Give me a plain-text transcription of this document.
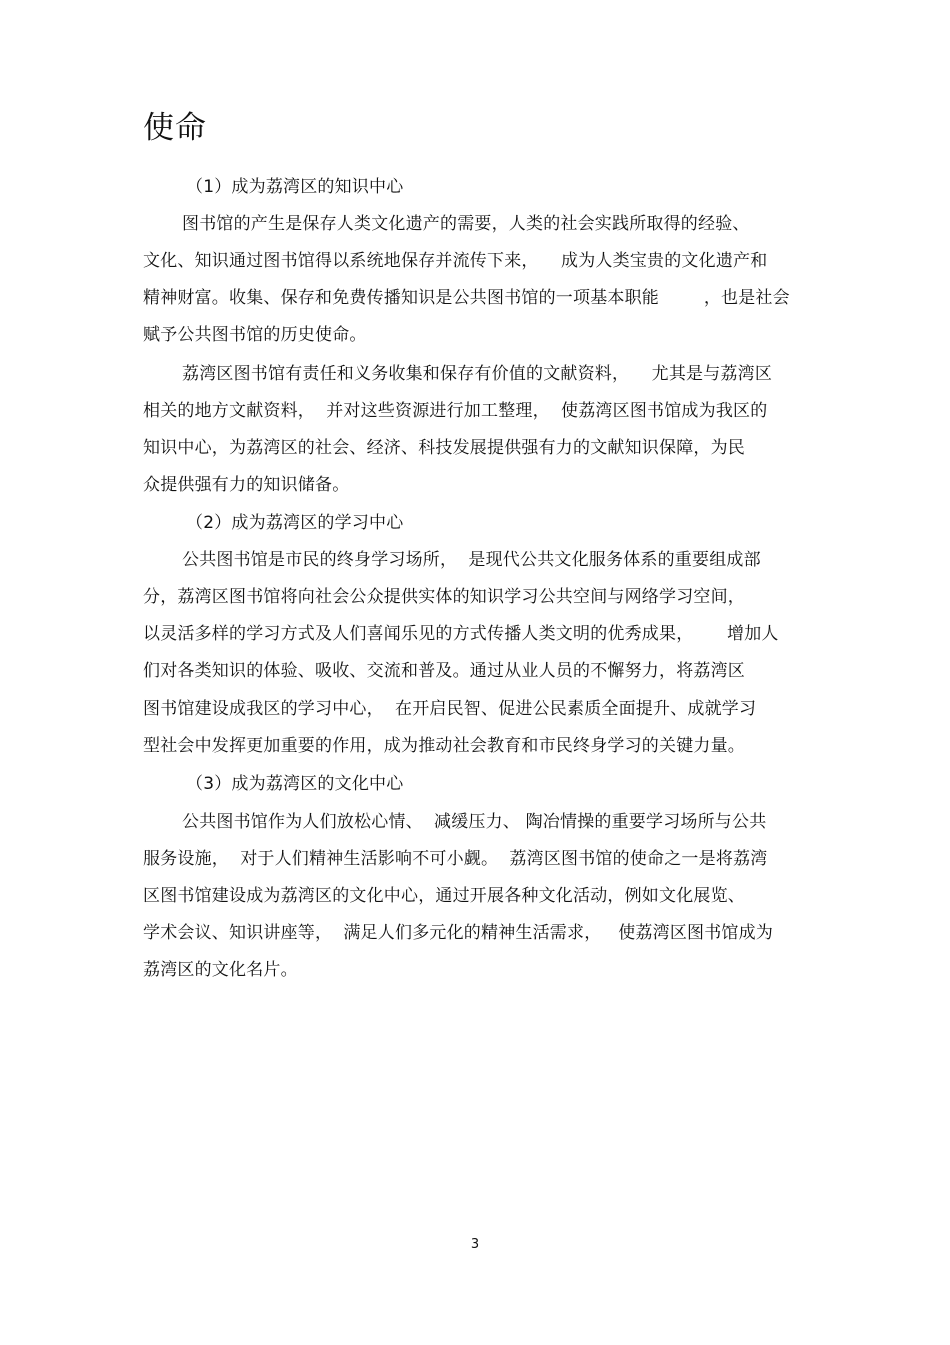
使命
（1）成为荔湾区的知识中心
图书馆的产生是保存人类文化遗产的需要，人类的社会实践所取得的经验、
文化、知识通过图书馆得以系统地保存并流传下来，    成为人类宝贵的文化遗产和
精神财富。收集、保存和免费传播知识是公共图书馆的一项基本职能        ，也是社会
赋予公共图书馆的历史使命。
荔湾区图书馆有责任和义务收集和保存有价值的文献资料，    尤其是与荔湾区
相关的地方文献资料，  并对这些资源进行加工整理，  使荔湾区图书馆成为我区的
知识中心，为荔湾区的社会、经济、科技发展提供强有力的文献知识保障，为民
众提供强有力的知识储备。
（2）成为荔湾区的学习中心
公共图书馆是市民的终身学习场所，  是现代公共文化服务体系的重要组成部
分，荔湾区图书馆将向社会公众提供实体的知识学习公共空间与网络学习空间，
以灵活多样的学习方式及人们喜闻乐见的方式传播人类文明的优秀成果，      增加人
们对各类知识的体验、吸收、交流和普及。通过从业人员的不懈努力，将荔湾区
图书馆建设成我区的学习中心，  在开启民智、促进公民素质全面提升、成就学习
型社会中发挥更加重要的作用，成为推动社会教育和市民终身学习的关键力量。
（3）成为荔湾区的文化中心
公共图书馆作为人们放松心情、  减缓压力、 陶冶情操的重要学习场所与公共
服务设施，  对于人们精神生活影响不可小觑。  荔湾区图书馆的使命之一是将荔湾
区图书馆建设成为荔湾区的文化中心，通过开展各种文化活动，例如文化展览、
学术会议、知识讲座等，  满足人们多元化的精神生活需求，   使荔湾区图书馆成为
荔湾区的文化名片。
3
